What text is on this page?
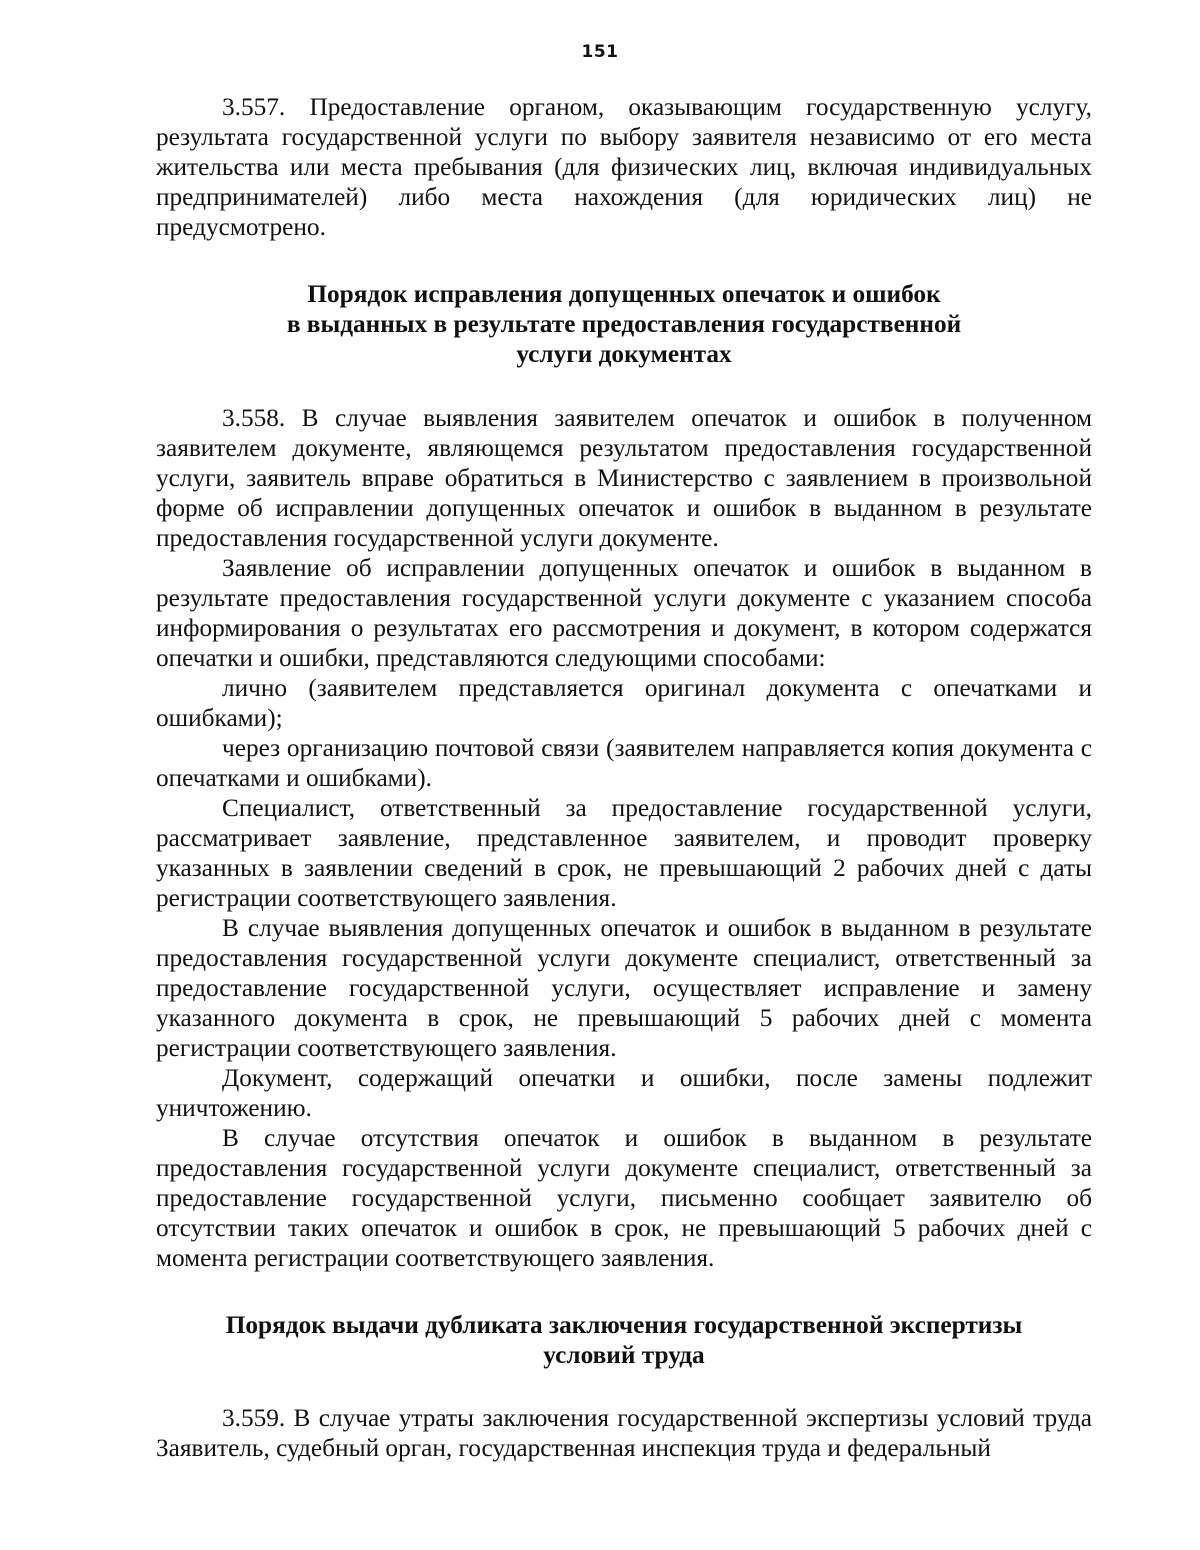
151

3.557. Предоставление органом, оказывающим государственную услугу, результата государственной услуги по выбору заявителя независимо от его места жительства или места пребывания (для физических лиц, включая индивидуальных предпринимателей) либо места нахождения (для юридических лиц) не предусмотрено.

Порядок исправления допущенных опечаток и ошибок
в выданных в результате предоставления государственной
услуги документах

3.558. В случае выявления заявителем опечаток и ошибок в полученном заявителем документе, являющемся результатом предоставления государственной услуги, заявитель вправе обратиться в Министерство с заявлением в произвольной форме об исправлении допущенных опечаток и ошибок в выданном в результате предоставления государственной услуги документе.

Заявление об исправлении допущенных опечаток и ошибок в выданном в результате предоставления государственной услуги документе с указанием способа информирования о результатах его рассмотрения и документ, в котором содержатся опечатки и ошибки, представляются следующими способами:

лично (заявителем представляется оригинал документа с опечатками и ошибками);

через организацию почтовой связи (заявителем направляется копия документа с опечатками и ошибками).

Специалист, ответственный за предоставление государственной услуги, рассматривает заявление, представленное заявителем, и проводит проверку указанных в заявлении сведений в срок, не превышающий 2 рабочих дней с даты регистрации соответствующего заявления.

В случае выявления допущенных опечаток и ошибок в выданном в результате предоставления государственной услуги документе специалист, ответственный за предоставление государственной услуги, осуществляет исправление и замену указанного документа в срок, не превышающий 5 рабочих дней с момента регистрации соответствующего заявления.

Документ, содержащий опечатки и ошибки, после замены подлежит уничтожению.

В случае отсутствия опечаток и ошибок в выданном в результате предоставления государственной услуги документе специалист, ответственный за предоставление государственной услуги, письменно сообщает заявителю об отсутствии таких опечаток и ошибок в срок, не превышающий 5 рабочих дней с момента регистрации соответствующего заявления.

Порядок выдачи дубликата заключения государственной экспертизы
условий труда

3.559. В случае утраты заключения государственной экспертизы условий труда Заявитель, судебный орган, государственная инспекция труда и федеральный
